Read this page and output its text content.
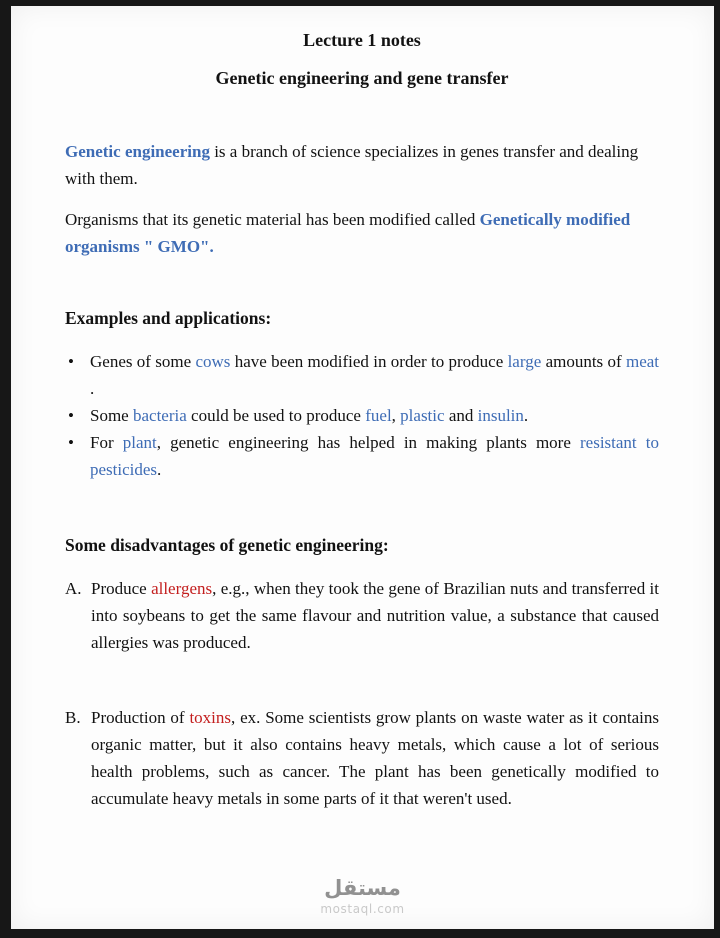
Lecture 1 notes
Genetic engineering and gene transfer

Genetic engineering is a branch of science specializes in genes transfer and dealing with them.

Organisms that its genetic material has been modified called Genetically modified organisms " GMO".

Examples and applications:
• Genes of some cows have been modified in order to produce large amounts of meat .
• Some bacteria could be used to produce fuel, plastic and insulin.
• For plant, genetic engineering has helped in making plants more resistant to pesticides.
Some disadvantages of genetic engineering:
A. Produce allergens, e.g., when they took the gene of Brazilian nuts and transferred it into soybeans to get the same flavour and nutrition value, a substance that caused allergies was produced.
B. Production of toxins, ex. Some scientists grow plants on waste water as it contains organic matter, but it also contains heavy metals, which cause a lot of serious health problems, such as cancer. The plant has been genetically modified to accumulate heavy metals in some parts of it that weren't used.
مستقل
mostaql.com
